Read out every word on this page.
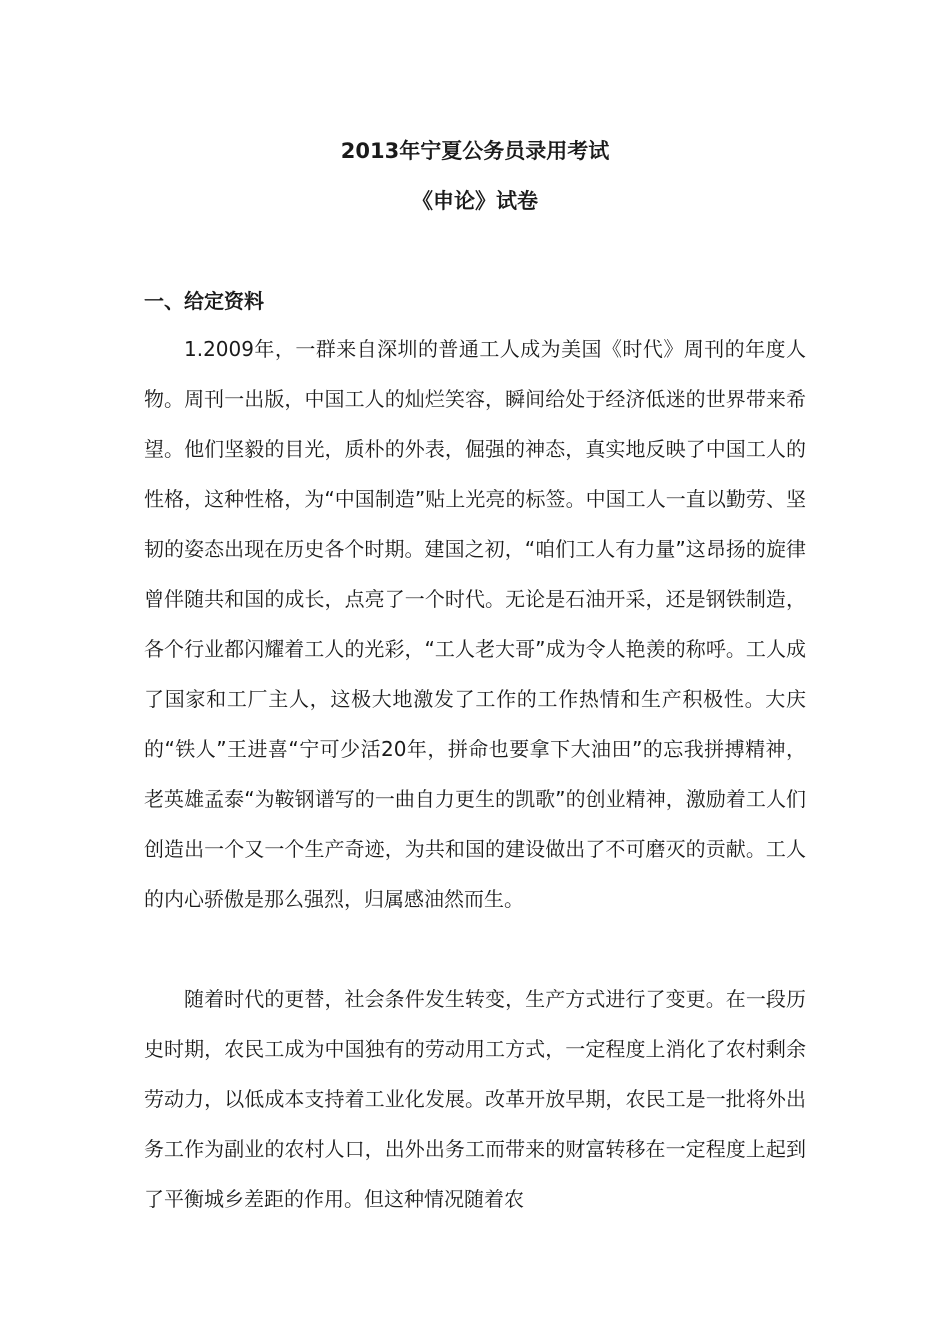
2013年宁夏公务员录用考试
《申论》试卷
一、给定资料

1.2009年，一群来自深圳的普通工人成为美国《时代》周刊的年度人物。周刊一出版，中国工人的灿烂笑容，瞬间给处于经济低迷的世界带来希望。他们坚毅的目光，质朴的外表，倔强的神态，真实地反映了中国工人的性格，这种性格，为“中国制造”贴上光亮的标签。中国工人一直以勤劳、坚韧的姿态出现在历史各个时期。建国之初，“咱们工人有力量”这昂扬的旋律曾伴随共和国的成长，点亮了一个时代。无论是石油开采，还是钢铁制造，各个行业都闪耀着工人的光彩，“工人老大哥”成为令人艳羡的称呼。工人成了国家和工厂主人，这极大地激发了工作的工作热情和生产积极性。大庆的“铁人”王进喜“宁可少活20年，拼命也要拿下大油田”的忘我拼搏精神，老英雄孟泰“为鞍钢谱写的一曲自力更生的凯歌”的创业精神，激励着工人们创造出一个又一个生产奇迹，为共和国的建设做出了不可磨灭的贡献。工人的内心骄傲是那么强烈，归属感油然而生。

随着时代的更替，社会条件发生转变，生产方式进行了变更。在一段历史时期，农民工成为中国独有的劳动用工方式，一定程度上消化了农村剩余劳动力，以低成本支持着工业化发展。改革开放早期，农民工是一批将外出务工作为副业的农村人口，出外出务工而带来的财富转移在一定程度上起到了平衡城乡差距的作用。但这种情况随着农
